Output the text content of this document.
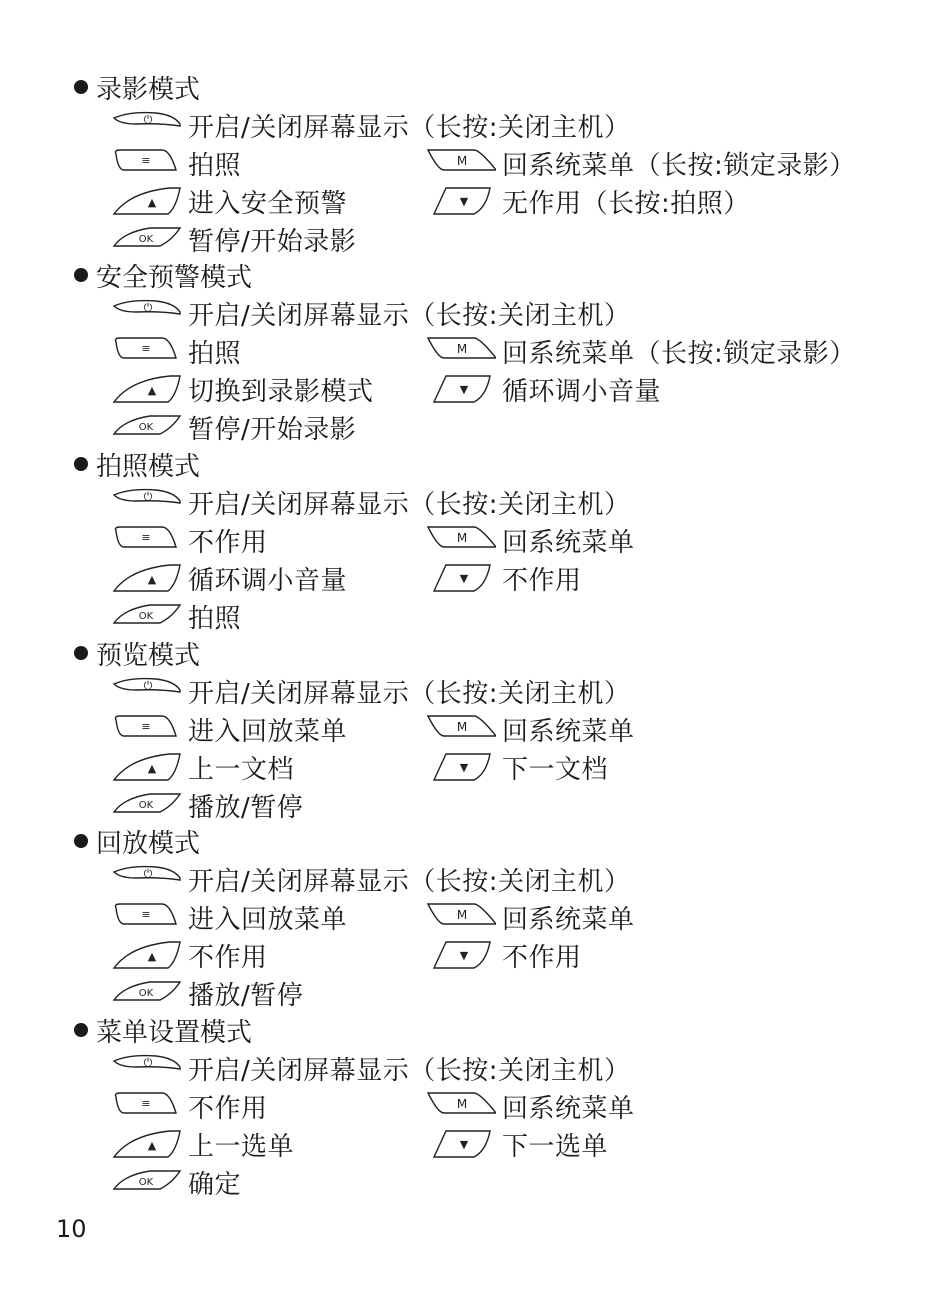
录影模式
⏻ 开启/关闭屏幕显示（长按:关闭主机）
≡ 拍照	M 回系统菜单（长按:锁定录影）
▲ 进入安全预警	▼ 无作用（长按:拍照）
OK 暂停/开始录影
安全预警模式
⏻ 开启/关闭屏幕显示（长按:关闭主机）
≡ 拍照	M 回系统菜单（长按:锁定录影）
▲ 切换到录影模式	▼ 循环调小音量
OK 暂停/开始录影
拍照模式
⏻ 开启/关闭屏幕显示（长按:关闭主机）
≡ 不作用	M 回系统菜单
▲ 循环调小音量	▼ 不作用
OK 拍照
预览模式
⏻ 开启/关闭屏幕显示（长按:关闭主机）
≡ 进入回放菜单	M 回系统菜单
▲ 上一文档	▼ 下一文档
OK 播放/暂停
回放模式
⏻ 开启/关闭屏幕显示（长按:关闭主机）
≡ 进入回放菜单	M 回系统菜单
▲ 不作用	▼ 不作用
OK 播放/暂停
菜单设置模式
⏻ 开启/关闭屏幕显示（长按:关闭主机）
≡ 不作用	M 回系统菜单
▲ 上一选单	▼ 下一选单
OK 确定
10
